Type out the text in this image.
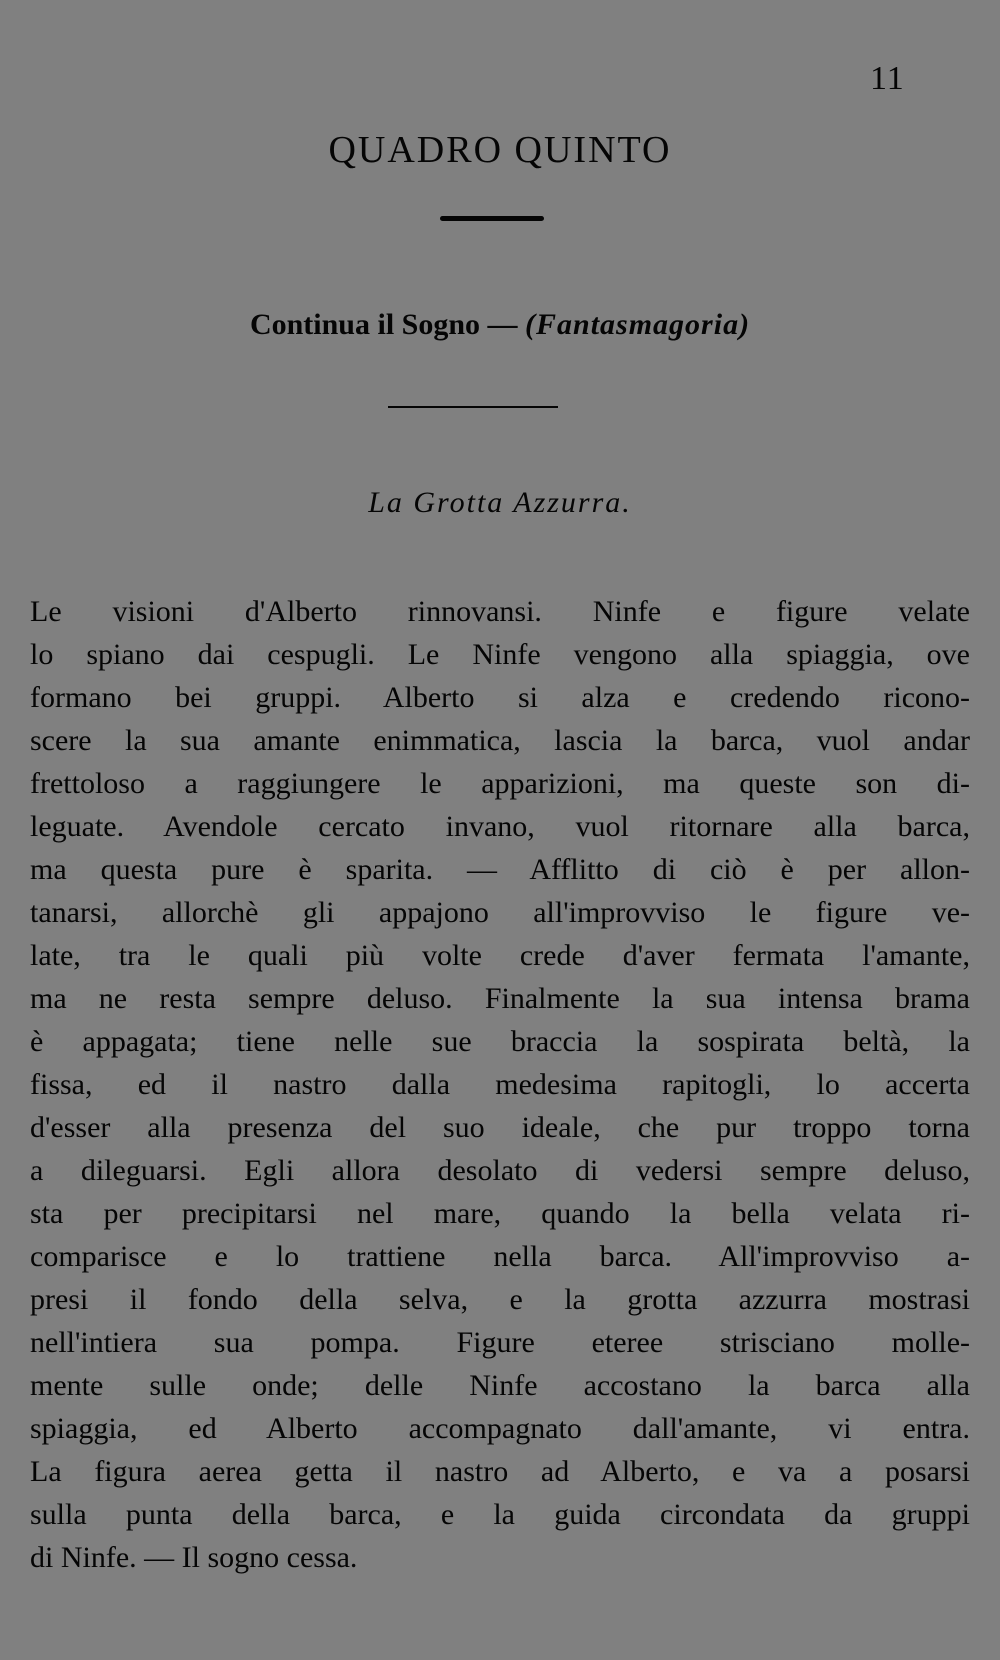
11
QUADRO QUINTO
Continua il Sogno — (Fantasmagoria)
La Grotta Azzurra.
Le visioni d'Alberto rinnovansi. Ninfe e figure velate
lo spiano dai cespugli. Le Ninfe vengono alla spiaggia, ove
formano bei gruppi. Alberto si alza e credendo ricono-
scere la sua amante enimmatica, lascia la barca, vuol andar
frettoloso a raggiungere le apparizioni, ma queste son di-
leguate. Avendole cercato invano, vuol ritornare alla barca,
ma questa pure è sparita. — Afflitto di ciò è per allon-
tanarsi, allorchè gli appajono all'improvviso le figure ve-
late, tra le quali più volte crede d'aver fermata l'amante,
ma ne resta sempre deluso. Finalmente la sua intensa brama
è appagata; tiene nelle sue braccia la sospirata beltà, la
fissa, ed il nastro dalla medesima rapitogli, lo accerta
d'esser alla presenza del suo ideale, che pur troppo torna
a dileguarsi. Egli allora desolato di vedersi sempre deluso,
sta per precipitarsi nel mare, quando la bella velata ri-
comparisce e lo trattiene nella barca. All'improvviso a-
presi il fondo della selva, e la grotta azzurra mostrasi
nell'intiera sua pompa. Figure eteree strisciano molle-
mente sulle onde; delle Ninfe accostano la barca alla
spiaggia, ed Alberto accompagnato dall'amante, vi entra.
La figura aerea getta il nastro ad Alberto, e va a posarsi
sulla punta della barca, e la guida circondata da gruppi
di Ninfe. — Il sogno cessa.
